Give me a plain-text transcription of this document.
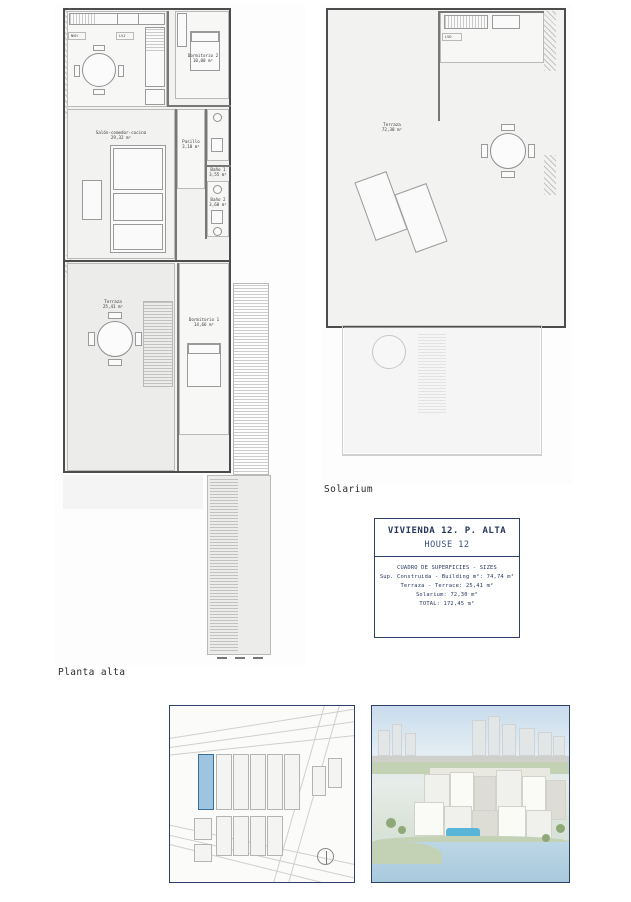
NVH	LVJ
Dormitorio 2
10,00 m²
Salón-comedor-cocina
29,32 m²
Pasillo
3,10 m²
Baño 1
3,55 m²
Baño 2
3,60 m²
Terraza
25,41 m²
Dormitorio 1
14,66 m²
Planta alta
LVD
Terraza
72,30 m²
Solarium
VIVIENDA 12. P. ALTA
HOUSE 12
CUADRO DE SUPERFICIES - SIZES
Sup. Construida - Building m²: 74,74 m²
Terraza - Terrace: 25,41 m²
Solarium: 72,30 m²
TOTAL: 172,45 m²
